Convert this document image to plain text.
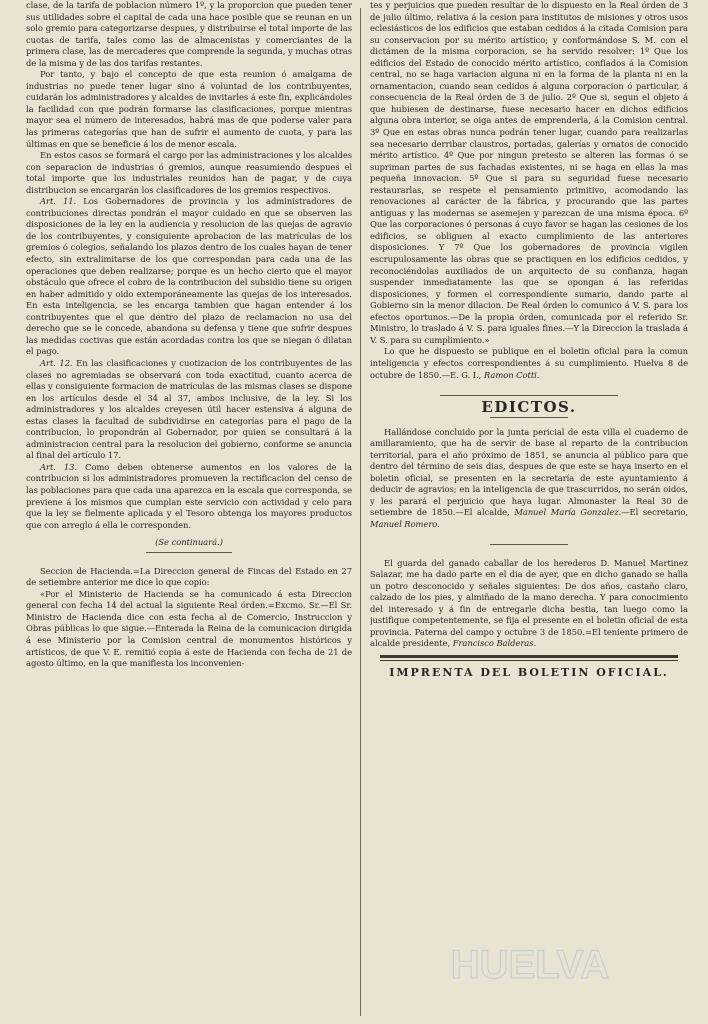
clase, de la tarifa de poblacion número 1º, y la proporcion que pueden tener sus utilidades sobre el capital de cada una hace posible que se reunan en un solo gremio para categorizarse despues, y distribuirse el total importe de las cuotas de tarifa, tales como las de almacenistas y comerciantes de la primera clase, las de mercaderes que comprende la segunda, y muchas otras de la misma y de las dos tarifas restantes.

Por tanto, y bajo el concepto de que esta reunion ó amalgama de industrias no puede tener lugar sino á voluntad de los contribuyentes, cuidarán los administradores y alcaldes de invitarles á este fin, explicándoles la facilidad con que podrán formarse las clasificaciones, porque mientras mayor sea el número de interesados, habrá mas de que poderse valer para las primeras categorías que han de sufrir el aumento de cuota, y para las últimas en que se beneficie á los de menor escala.

En estos casos se formará el cargo por las administraciones y los alcaldes con separacion de industrias ó gremios, aunque reasumiendo despues el total importe que los industriales reunidos han de pagar, y de cuya distribucion se encargarán los clasificadores de los gremios respectivos.

Art. 11. Los Gobernadores de provincia y los administradores de contribuciones directas pondrán el mayor cuidado en que se observen las disposiciones de la ley en la audiencia y resolucion de las quejas de agravio de los contribuyentes, y consiguiente aprobacion de las matrículas de los gremios ó colegios, señalando los plazos dentro de los cuales hayan de tener efecto, sin extralimitarse de los que correspondan para cada una de las operaciones que deben realizarse; porque es un hecho cierto que el mayor obstáculo que ofrece el cobro de la contribucion del subsidio tiene su origen en haber admitido y oido extemporáneamente las quejas de los interesados. En esta inteligencia, se les encarga tambien que hagan entender á los contribuyentes que el que dentro del plazo de reclamacion no usa del derecho que se le concede, abandona su defensa y tiene que sufrir despues las medidas coctivas que están acordadas contra los que se niegan ó dilatan el pago.

Art. 12. En las clasificaciones y cuotizacion de los contribuyentes de las clases no agremiadas se observará con toda exactitud, cuanto acerca de ellas y consiguiente formacion de matrículas de las mismas clases se dispone en los artículos desde el 34 al 37, ambos inclusive, de la ley. Si los administradores y los alcaldes creyesen útil hacer estensiva á alguna de estas clases la facultad de subdividirse en categorías para el pago de la contribucion, lo propondrán al Gobernador, por quien se consultará á la administracion central para la resolucion del gobierno, conforme se anuncia al final del artículo 17.

Art. 13. Como deben obtenerse aumentos en los valores de la contribucion si los administradores promueven la rectificacion del censo de las poblaciones para que cada una aparezca en la escala que corresponda, se previene á los mismos que cumplan este servicio con actividad y celo para que la ley se fielmente aplicada y el Tesoro obtenga los mayores productos que con arreglo á ella le corresponden.

(Se continuará.)

Seccion de Hacienda.=La Direccion general de Fincas del Estado en 27 de setiembre anterior me dice lo que copio:

«Por el Ministerio de Hacienda se ha comunicado á esta Direccion general con fecha 14 del actual la siguiente Real órden.=Excmo. Sr.—El Sr. Ministro de Hacienda dice con esta fecha al de Comercio, Instruccion y Obras públicas lo que sigue.—Enterada la Reina de la comunicacion dirigida á ese Ministerio por la Comision central de monumentos históricos y artísticos, de que V. E. remitió copia á este de Hacienda con fecha de 21 de agosto último, en la que manifiesta los inconvenien-

tes y perjuicios que pueden resultar de lo dispuesto en la Real órden de 3 de julio último, relativa á la cesion para institutos de misiones y otros usos eclesiásticos de los edificios que estaban cedidos á la citada Comision para su conservacion por su mérito artístico; y conformándose S. M. con el dictámen de la misma corporacion, se ha servido resolver: 1º Que los edificios del Estado de conocido mérito artístico, confiados á la Comision central, no se haga variacion alguna ni en la forma de la planta ni en la ornamentacion, cuando sean cedidos á alguna corporacion ó particular, á consecuencia de la Real órden de 3 de julio. 2º Que si, segun el objeto á que hubiesen de destinarse, fuese necesario hacer en dichos edificios alguna obra interior, se oiga antes de emprenderla, á la Comision central. 3º Que en estas obras nunca podrán tener lugar, cuando para realizarlas sea necesario derribar claustros, portadas, galerías y ornatos de conocido mérito artístico. 4º Que por ningun pretesto se alteren las formas ó se supriman partes de sus fachadas existentes, ni se haga en ellas la mas pequeña innovacion. 5º Que si para su seguridad fuese necesario restaurarlas, se respete el pensamiento primitivo, acomodando las renovaciones al carácter de la fábrica, y procurando que las partes antiguas y las modernas se asemejen y parezcan de una misma época. 6º Que las corporaciones ó personas á cuyo favor se hagan las cesiones de los edificios, se obliguen al exacto cumplimiento de las anteriores disposiciones. Y 7º Que los gobernadores de provincia vigilen escrupulosamente las obras que se practiquen en los edificios cedidos, y reconociéndolas auxiliados de un arquitecto de su confianza, hagan suspender inmediatamente las que se opongan á las referidas disposiciones, y formen el correspondiente sumario, dando parte al Gobierno sin la menor dilacion. De Real órden lo comunico á V. S. para los efectos oportunos.—De la propia órden, comunicada por el referido Sr. Ministro, lo traslado á V. S. para iguales fines.—Y la Direccion la traslada á V. S. para su cumplimiento.»

Lo que he dispuesto se publique en el boletin oficial para la comun inteligencia y efectos correspondientes á su cumplimiento. Huelva 8 de octubre de 1850.—E. G. I., Ramon Cotti.

EDICTOS.

Hallándose concluido por la junta pericial de esta villa el cuaderno de amillaramiento, que ha de servir de base al reparto de la contribucion territorial, para el año próximo de 1851, se anuncia al público para que dentro del término de seis dias, despues de que este se haya inserto en el boletin oficial, se presenten en la secretaría de este ayuntamiento á deducir de agravios; en la inteligencia de que trascurridos, no serán oidos, y les parará el perjuicio que haya lugar. Almonaster la Real 30 de setiembre de 1850.—El alcalde, Manuel María Gonzalez.—El secretario, Manuel Romero.

El guarda del ganado caballar de los herederos D. Manuel Martinez Salazar, me ha dado parte en el dia de ayer, que en dicho ganado se halla un potro desconocido y señales siguientes: De dos años, castaño claro, calzado de los pies, y almiñado de la mano derecha. Y para conocimiento del interesado y á fin de entregarle dicha bestia, tan luego como la justifique competentemente, se fija el presente en el boletin oficial de esta provincia. Paterna del campo y octubre 3 de 1850.=El teniente primero de alcalde presidente, Francisco Balderas.

IMPRENTA DEL BOLETIN OFICIAL.

HUELVA
